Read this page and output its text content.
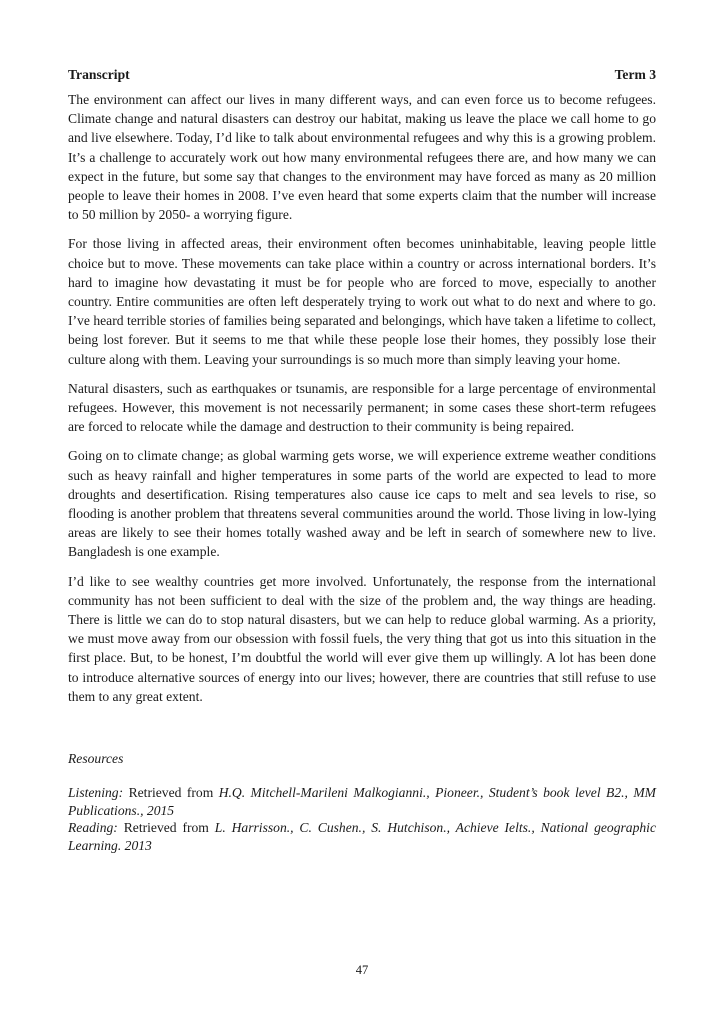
Transcript	Term 3

The environment can affect our lives in many different ways, and can even force us to become refugees. Climate change and natural disasters can destroy our habitat, making us leave the place we call home to go and live elsewhere. Today, I’d like to talk about environmental refugees and why this is a growing problem. It’s a challenge to accurately work out how many environmental refugees there are, and how many we can expect in the future, but some say that changes to the environment may have forced as many as 20 million people to leave their homes in 2008. I’ve even heard that some experts claim that the number will increase to 50 million by 2050- a worrying figure.

For those living in affected areas, their environment often becomes uninhabitable, leaving people little choice but to move. These movements can take place within a country or across international borders. It’s hard to imagine how devastating it must be for people who are forced to move, especially to another country. Entire communities are often left desperately trying to work out what to do next and where to go. I’ve heard terrible stories of families being separated and belongings, which have taken a lifetime to collect, being lost forever. But it seems to me that while these people lose their homes, they possibly lose their culture along with them. Leaving your surroundings is so much more than simply leaving your home.

Natural disasters, such as earthquakes or tsunamis, are responsible for a large percentage of environmental refugees. However, this movement is not necessarily permanent; in some cases these short-term refugees are forced to relocate while the damage and destruction to their community is being repaired.

Going on to climate change; as global warming gets worse, we will experience extreme weather conditions such as heavy rainfall and higher temperatures in some parts of the world are expected to lead to more droughts and desertification. Rising temperatures also cause ice caps to melt and sea levels to rise, so flooding is another problem that threatens several communities around the world. Those living in low-lying areas are likely to see their homes totally washed away and be left in search of somewhere new to live. Bangladesh is one example.

I’d like to see wealthy countries get more involved. Unfortunately, the response from the international community has not been sufficient to deal with the size of the problem and, the way things are heading. There is little we can do to stop natural disasters, but we can help to reduce global warming. As a priority, we must move away from our obsession with fossil fuels, the very thing that got us into this situation in the first place. But, to be honest, I’m doubtful the world will ever give them up willingly. A lot has been done to introduce alternative sources of energy into our lives; however, there are countries that still refuse to use them to any great extent.

Resources

Listening: Retrieved from H.Q. Mitchell-Marileni Malkogianni., Pioneer., Student’s book level B2., MM Publications., 2015

Reading: Retrieved from L. Harrisson., C. Cushen., S. Hutchison., Achieve Ielts., National geographic Learning. 2013

47
